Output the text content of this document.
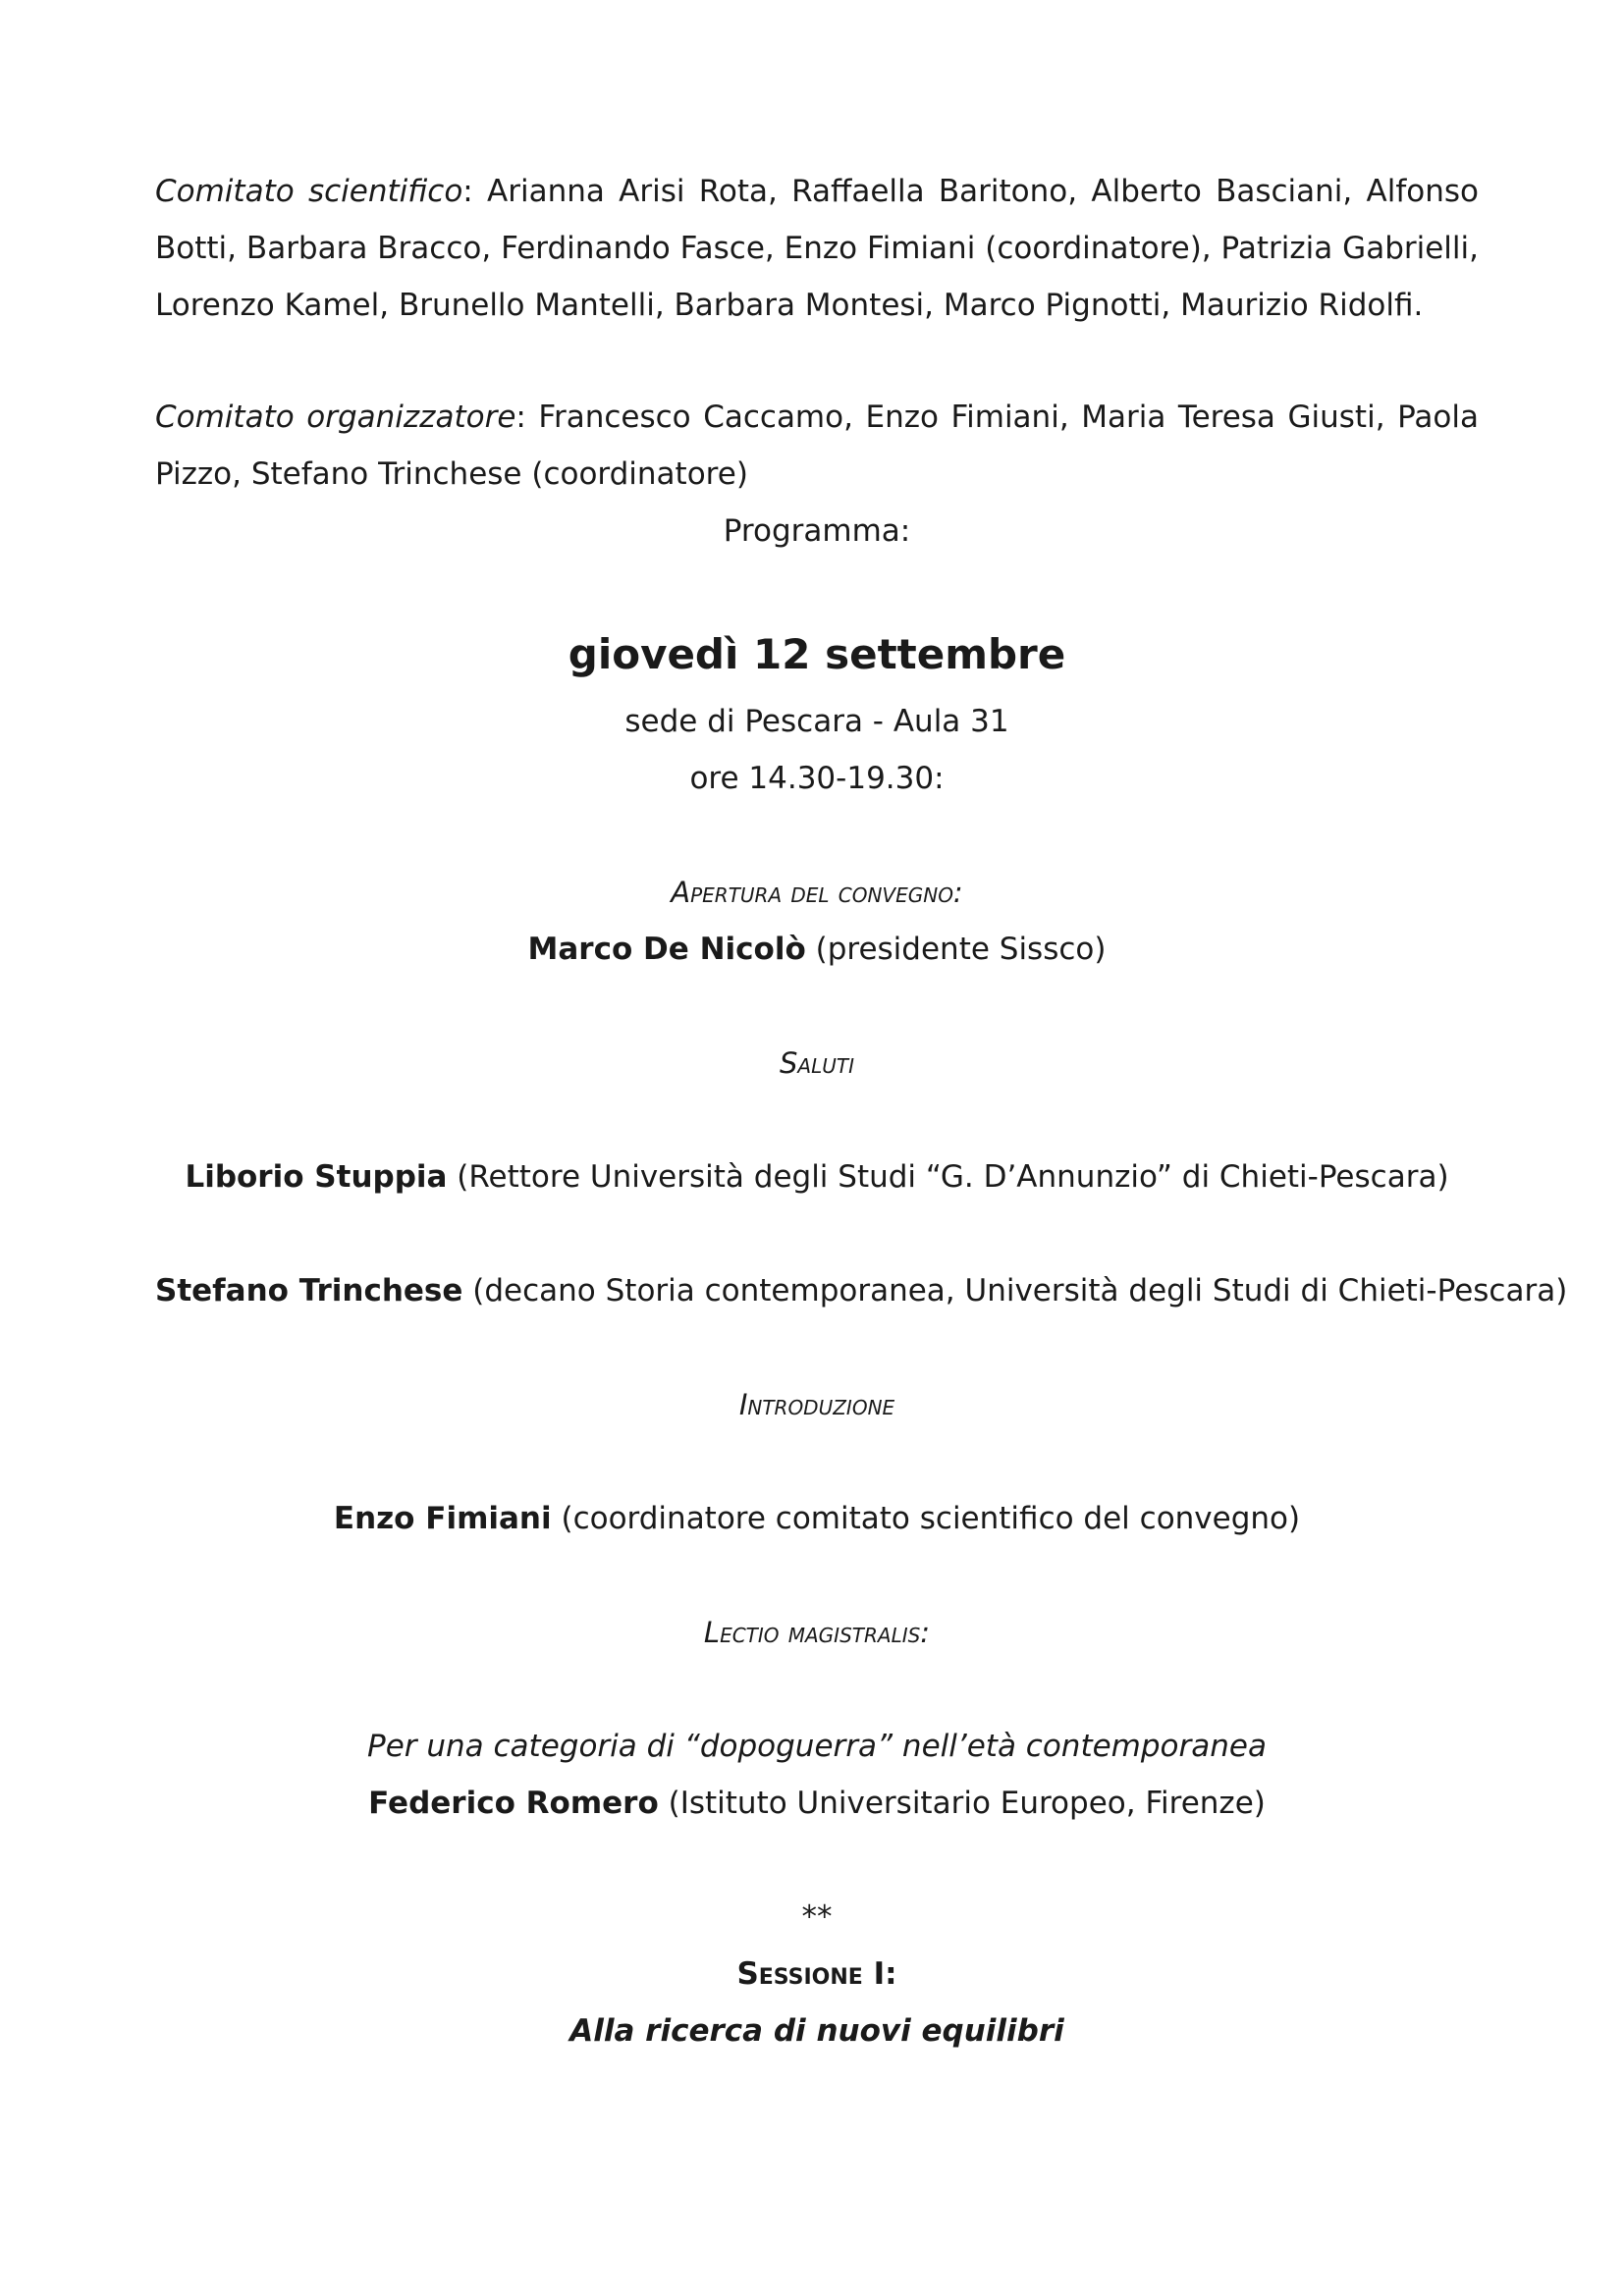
Comitato scientifico: Arianna Arisi Rota, Raffaella Baritono, Alberto Basciani, Alfonso Botti, Barbara Bracco, Ferdinando Fasce, Enzo Fimiani (coordinatore), Patrizia Gabrielli, Lorenzo Kamel, Brunello Mantelli, Barbara Montesi, Marco Pignotti, Maurizio Ridolfi.

Comitato organizzatore: Francesco Caccamo, Enzo Fimiani, Maria Teresa Giusti, Paola Pizzo, Stefano Trinchese (coordinatore)

Programma:
giovedì 12 settembre
sede di Pescara - Aula 31
ore 14.30-19.30:
Apertura del convegno:
Marco De Nicolò (presidente Sissco)
Saluti
Liborio Stuppia (Rettore Università degli Studi “G. D’Annunzio” di Chieti-Pescara)
Stefano Trinchese (decano Storia contemporanea, Università degli Studi di Chieti-Pescara)
Introduzione
Enzo Fimiani (coordinatore comitato scientifico del convegno)
Lectio magistralis:
Per una categoria di “dopoguerra” nell’età contemporanea
Federico Romero (Istituto Universitario Europeo, Firenze)
**
Sessione I:
Alla ricerca di nuovi equilibri
